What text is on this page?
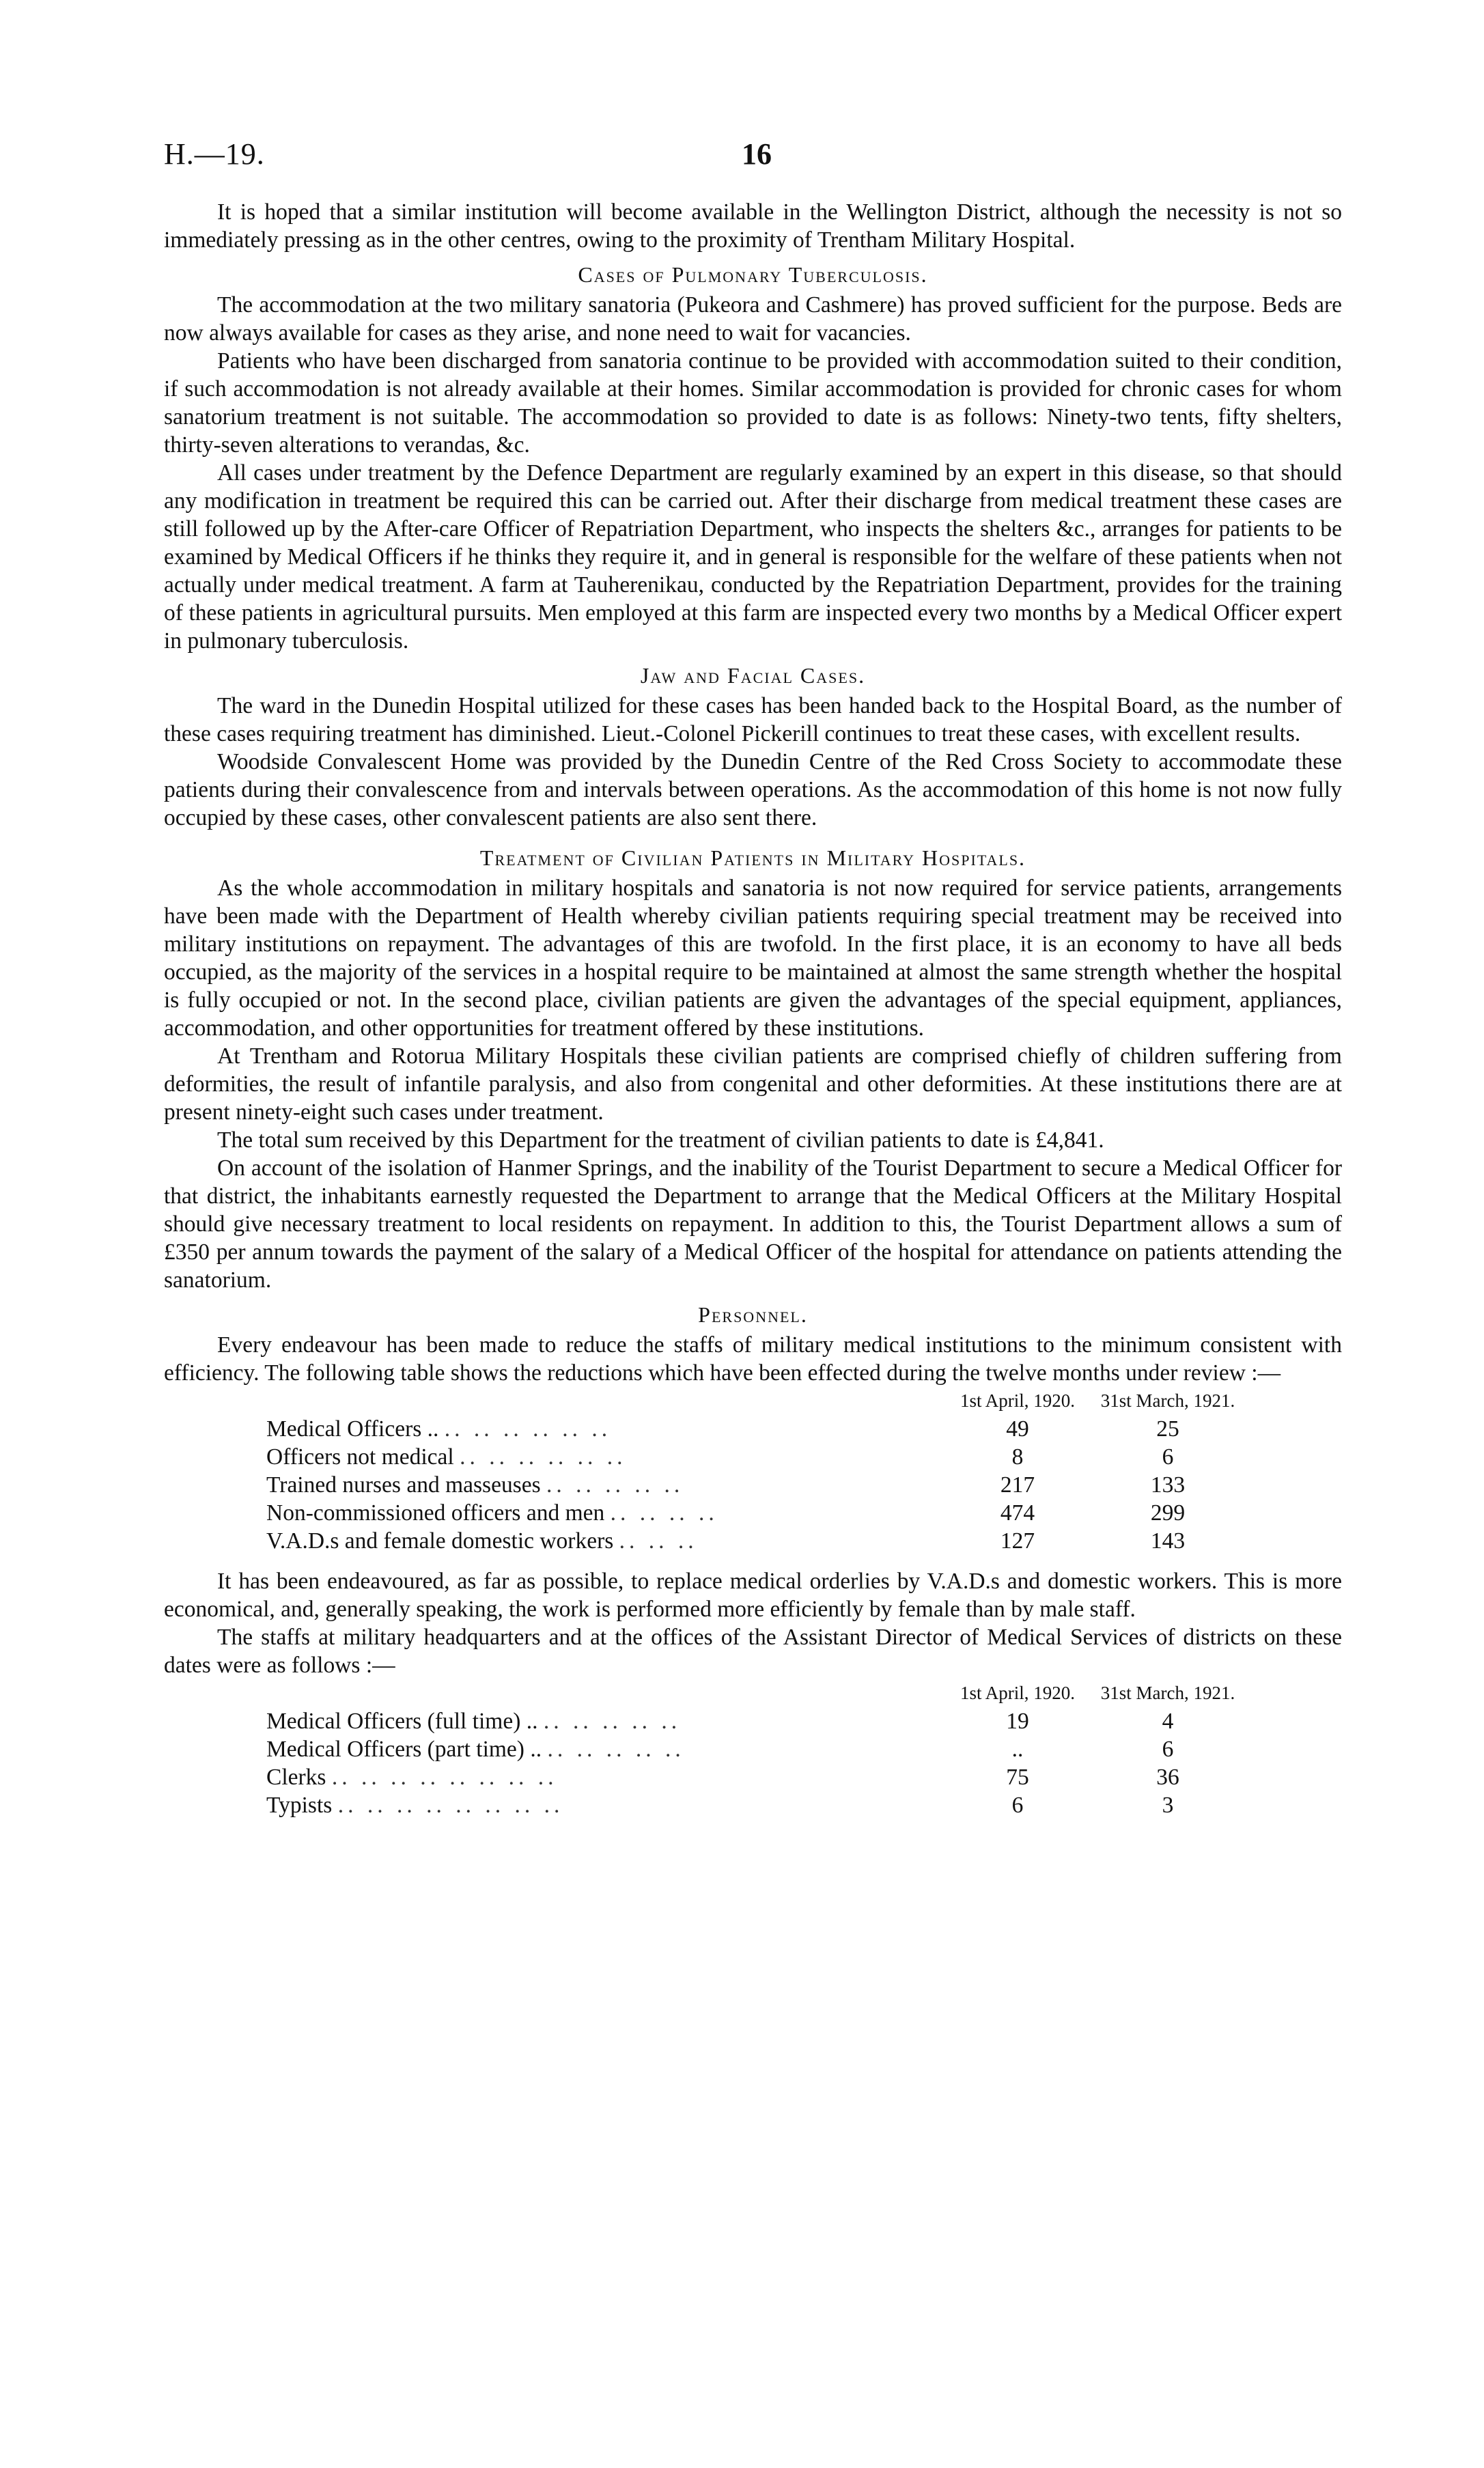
H.—19.	16

It is hoped that a similar institution will become available in the Wellington District, although the necessity is not so immediately pressing as in the other centres, owing to the proximity of Trentham Military Hospital.

Cases of Pulmonary Tuberculosis.

The accommodation at the two military sanatoria (Pukeora and Cashmere) has proved sufficient for the purpose. Beds are now always available for cases as they arise, and none need to wait for vacancies.

Patients who have been discharged from sanatoria continue to be provided with accommodation suited to their condition, if such accommodation is not already available at their homes. Similar accommodation is provided for chronic cases for whom sanatorium treatment is not suitable. The accommodation so provided to date is as follows: Ninety-two tents, fifty shelters, thirty-seven alterations to verandas, &c.

All cases under treatment by the Defence Department are regularly examined by an expert in this disease, so that should any modification in treatment be required this can be carried out. After their discharge from medical treatment these cases are still followed up by the After-care Officer of Repatriation Department, who inspects the shelters &c., arranges for patients to be examined by Medical Officers if he thinks they require it, and in general is responsible for the welfare of these patients when not actually under medical treatment. A farm at Tauherenikau, conducted by the Repatriation Department, provides for the training of these patients in agricultural pursuits. Men employed at this farm are inspected every two months by a Medical Officer expert in pulmonary tuberculosis.

Jaw and Facial Cases.

The ward in the Dunedin Hospital utilized for these cases has been handed back to the Hospital Board, as the number of these cases requiring treatment has diminished. Lieut.-Colonel Pickerill continues to treat these cases, with excellent results.

Woodside Convalescent Home was provided by the Dunedin Centre of the Red Cross Society to accommodate these patients during their convalescence from and intervals between operations. As the accommodation of this home is not now fully occupied by these cases, other convalescent patients are also sent there.

Treatment of Civilian Patients in Military Hospitals.

As the whole accommodation in military hospitals and sanatoria is not now required for service patients, arrangements have been made with the Department of Health whereby civilian patients requiring special treatment may be received into military institutions on repayment. The advantages of this are twofold. In the first place, it is an economy to have all beds occupied, as the majority of the services in a hospital require to be maintained at almost the same strength whether the hospital is fully occupied or not. In the second place, civilian patients are given the advantages of the special equipment, appliances, accommodation, and other opportunities for treatment offered by these institutions.

At Trentham and Rotorua Military Hospitals these civilian patients are comprised chiefly of children suffering from deformities, the result of infantile paralysis, and also from congenital and other deformities. At these institutions there are at present ninety-eight such cases under treatment.

The total sum received by this Department for the treatment of civilian patients to date is £4,841.

On account of the isolation of Hanmer Springs, and the inability of the Tourist Department to secure a Medical Officer for that district, the inhabitants earnestly requested the Department to arrange that the Medical Officers at the Military Hospital should give necessary treatment to local residents on repayment. In addition to this, the Tourist Department allows a sum of £350 per annum towards the payment of the salary of a Medical Officer of the hospital for attendance on patients attending the sanatorium.

Personnel.

Every endeavour has been made to reduce the staffs of military medical institutions to the minimum consistent with efficiency. The following table shows the reductions which have been effected during the twelve months under review :—

	1st April, 1920.	31st March, 1921.
Medical Officers .. .. .. .. .. .. ..	49	25
Officers not medical .. .. .. .. .. ..	8	6
Trained nurses and masseuses .. .. .. .. ..	217	133
Non-commissioned officers and men .. .. .. ..	474	299
V.A.D.s and female domestic workers .. .. ..	127	143

It has been endeavoured, as far as possible, to replace medical orderlies by V.A.D.s and domestic workers. This is more economical, and, generally speaking, the work is performed more efficiently by female than by male staff.

The staffs at military headquarters and at the offices of the Assistant Director of Medical Services of districts on these dates were as follows :—

	1st April, 1920.	31st March, 1921.
Medical Officers (full time) .. .. .. .. .. ..	19	4
Medical Officers (part time) .. .. .. .. .. ..	..	6
Clerks .. .. .. .. .. .. .. ..	75	36
Typists .. .. .. .. .. .. .. ..	6	3
